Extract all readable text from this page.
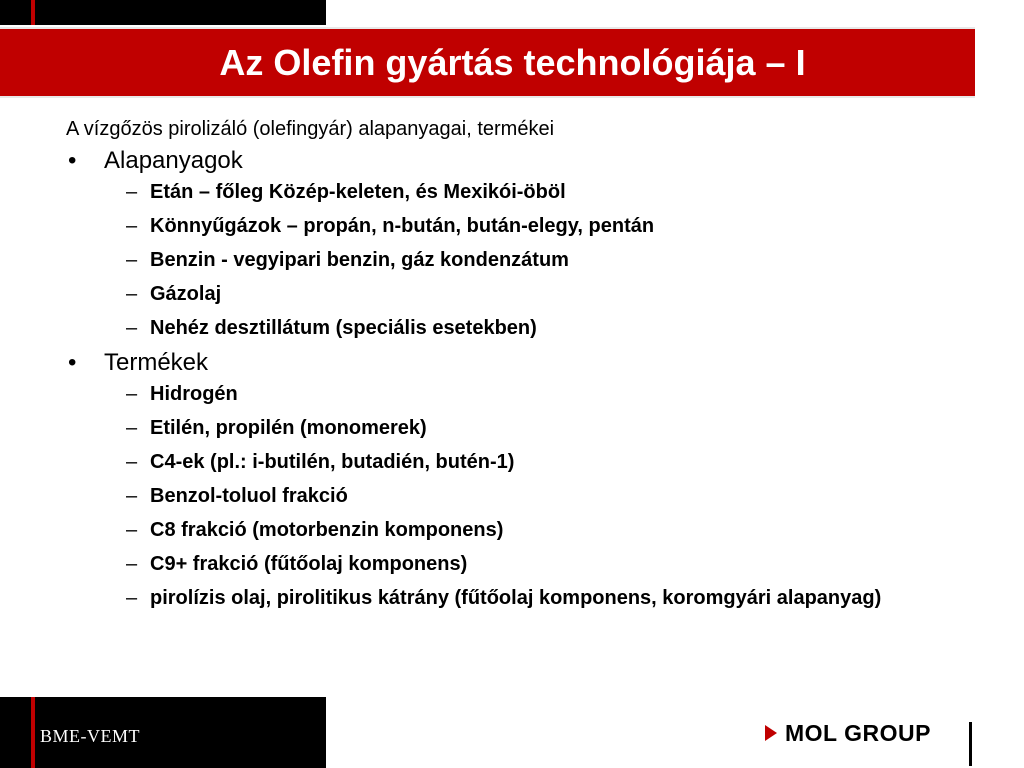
Az Olefin gyártás technológiája – I

A vízgőzös pirolizáló (olefingyár) alapanyagai, termékei

• Alapanyagok
– Etán – főleg Közép-keleten, és Mexikói-öböl
– Könnyűgázok – propán, n-bután, bután-elegy, pentán
– Benzin - vegyipari benzin, gáz kondenzátum
– Gázolaj
– Nehéz desztillátum (speciális esetekben)
• Termékek
– Hidrogén
– Etilén, propilén (monomerek)
– C4-ek (pl.: i-butilén, butadién, butén-1)
– Benzol-toluol frakció
– C8 frakció (motorbenzin komponens)
– C9+ frakció (fűtőolaj komponens)
– pirolízis olaj, pirolitikus kátrány (fűtőolaj komponens, koromgyári alapanyag)
BME-VEMT	MOL GROUP
